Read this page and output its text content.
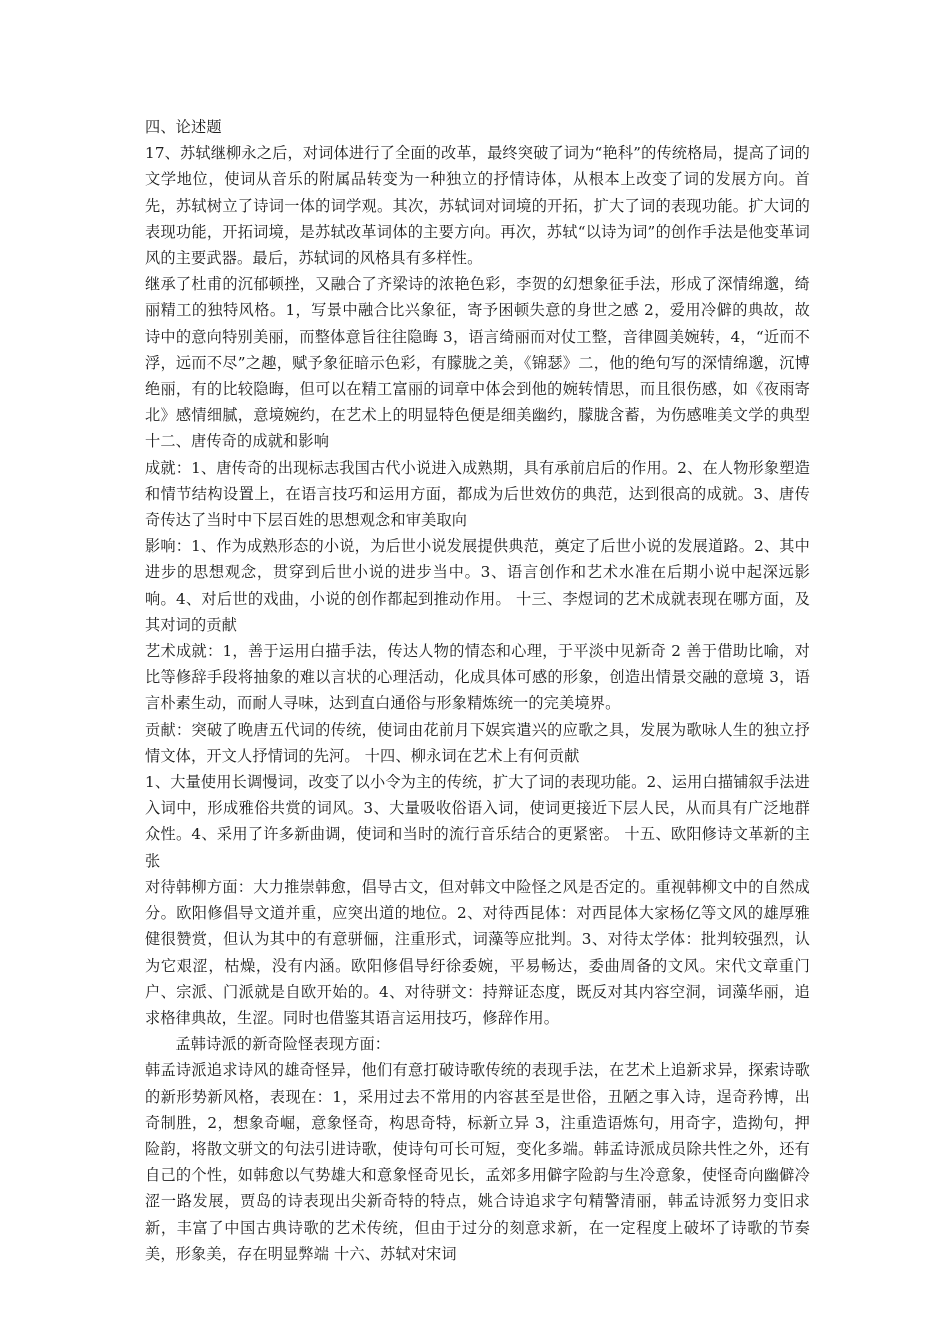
四、论述题

17、苏轼继柳永之后，对词体进行了全面的改革，最终突破了词为“艳科”的传统格局，提高了词的文学地位，使词从音乐的附属品转变为一种独立的抒情诗体，从根本上改变了词的发展方向。首先，苏轼树立了诗词一体的词学观。其次，苏轼词对词境的开拓，扩大了词的表现功能。扩大词的表现功能，开拓词境，是苏轼改革词体的主要方向。再次，苏轼“以诗为词”的创作手法是他变革词风的主要武器。最后，苏轼词的风格具有多样性。

继承了杜甫的沉郁顿挫，又融合了齐梁诗的浓艳色彩，李贺的幻想象征手法，形成了深情绵邈，绮丽精工的独特风格。1，写景中融合比兴象征，寄予困顿失意的身世之感 2，爱用冷僻的典故，故诗中的意向特别美丽，而整体意旨往往隐晦 3，语言绮丽而对仗工整，音律圆美婉转，4，“近而不浮，远而不尽”之趣，赋予象征暗示色彩，有朦胧之美，《锦瑟》二，他的绝句写的深情绵邈，沉博绝丽，有的比较隐晦，但可以在精工富丽的词章中体会到他的婉转情思，而且很伤感，如《夜雨寄北》感情细腻，意境婉约，在艺术上的明显特色便是细美幽约，朦胧含蓄，为伤感唯美文学的典型 十二、唐传奇的成就和影响

成就：1、唐传奇的出现标志我国古代小说进入成熟期，具有承前启后的作用。2、在人物形象塑造和情节结构设置上，在语言技巧和运用方面，都成为后世效仿的典范，达到很高的成就。3、唐传奇传达了当时中下层百姓的思想观念和审美取向

影响：1、作为成熟形态的小说，为后世小说发展提供典范，奠定了后世小说的发展道路。2、其中进步的思想观念，贯穿到后世小说的进步当中。3、语言创作和艺术水准在后期小说中起深远影响。4、对后世的戏曲，小说的创作都起到推动作用。 十三、李煜词的艺术成就表现在哪方面，及其对词的贡献

艺术成就：1，善于运用白描手法，传达人物的情态和心理，于平淡中见新奇 2 善于借助比喻，对比等修辞手段将抽象的难以言状的心理活动，化成具体可感的形象，创造出情景交融的意境 3，语言朴素生动，而耐人寻味，达到直白通俗与形象精炼统一的完美境界。

贡献：突破了晚唐五代词的传统，使词由花前月下娱宾遣兴的应歌之具，发展为歌咏人生的独立抒情文体，开文人抒情词的先河。 十四、柳永词在艺术上有何贡献

1、大量使用长调慢词，改变了以小令为主的传统，扩大了词的表现功能。2、运用白描铺叙手法进入词中，形成雅俗共赏的词风。3、大量吸收俗语入词，使词更接近下层人民，从而具有广泛地群众性。4、采用了许多新曲调，使词和当时的流行音乐结合的更紧密。 十五、欧阳修诗文革新的主张

对待韩柳方面：大力推崇韩愈，倡导古文，但对韩文中险怪之风是否定的。重视韩柳文中的自然成分。欧阳修倡导文道并重，应突出道的地位。2、对待西昆体：对西昆体大家杨亿等文风的雄厚雅健很赞赏，但认为其中的有意骈俪，注重形式，词藻等应批判。3、对待太学体：批判较强烈，认为它艰涩，枯燥，没有内涵。欧阳修倡导纡徐委婉，平易畅达，委曲周备的文风。宋代文章重门户、宗派、门派就是自欧开始的。4、对待骈文：持辩证态度，既反对其内容空洞，词藻华丽，追求格律典故，生涩。同时也借鉴其语言运用技巧，修辞作用。

孟韩诗派的新奇险怪表现方面：

韩孟诗派追求诗风的雄奇怪异，他们有意打破诗歌传统的表现手法，在艺术上追新求异，探索诗歌的新形势新风格，表现在：1，采用过去不常用的内容甚至是世俗，丑陋之事入诗，逞奇矜博，出奇制胜，2，想象奇崛，意象怪奇，构思奇特，标新立异 3，注重造语炼句，用奇字，造拗句，押险韵，将散文骈文的句法引进诗歌，使诗句可长可短，变化多端。韩孟诗派成员除共性之外，还有自己的个性，如韩愈以气势雄大和意象怪奇见长，孟郊多用僻字险韵与生冷意象，使怪奇向幽僻冷涩一路发展，贾岛的诗表现出尖新奇特的特点，姚合诗追求字句精警清丽，韩孟诗派努力变旧求新，丰富了中国古典诗歌的艺术传统，但由于过分的刻意求新，在一定程度上破坏了诗歌的节奏美，形象美，存在明显弊端 十六、苏轼对宋词
